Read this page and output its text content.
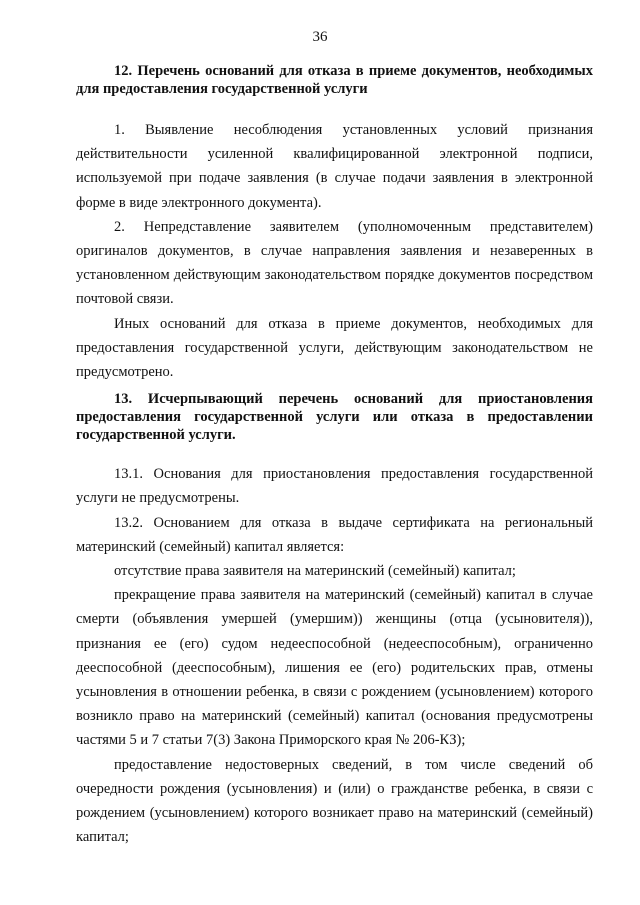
36

12. Перечень оснований для отказа в приеме документов, необходимых для предоставления государственной услуги

1. Выявление несоблюдения установленных условий признания действительности усиленной квалифицированной электронной подписи, используемой при подаче заявления (в случае подачи заявления в электронной форме в виде электронного документа).

2. Непредставление заявителем (уполномоченным представителем) оригиналов документов, в случае направления заявления и незаверенных в установленном действующим законодательством порядке документов посредством почтовой связи.

Иных оснований для отказа в приеме документов, необходимых для предоставления государственной услуги, действующим законодательством не предусмотрено.

13. Исчерпывающий перечень оснований для приостановления предоставления государственной услуги или отказа в предоставлении государственной услуги.

13.1. Основания для приостановления предоставления государственной услуги не предусмотрены.

13.2. Основанием для отказа в выдаче сертификата на региональный материнский (семейный) капитал является:

отсутствие права заявителя на материнский (семейный) капитал;

прекращение права заявителя на материнский (семейный) капитал в случае смерти (объявления умершей (умершим)) женщины (отца (усыновителя)), признания ее (его) судом недееспособной (недееспособным), ограниченно дееспособной (дееспособным), лишения ее (его) родительских прав, отмены усыновления в отношении ребенка, в связи с рождением (усыновлением) которого возникло право на материнский (семейный) капитал (основания предусмотрены частями 5 и 7 статьи 7(3) Закона Приморского края № 206-КЗ);

предоставление недостоверных сведений, в том числе сведений об очередности рождения (усыновления) и (или) о гражданстве ребенка, в связи с рождением (усыновлением) которого возникает право на материнский (семейный) капитал;
